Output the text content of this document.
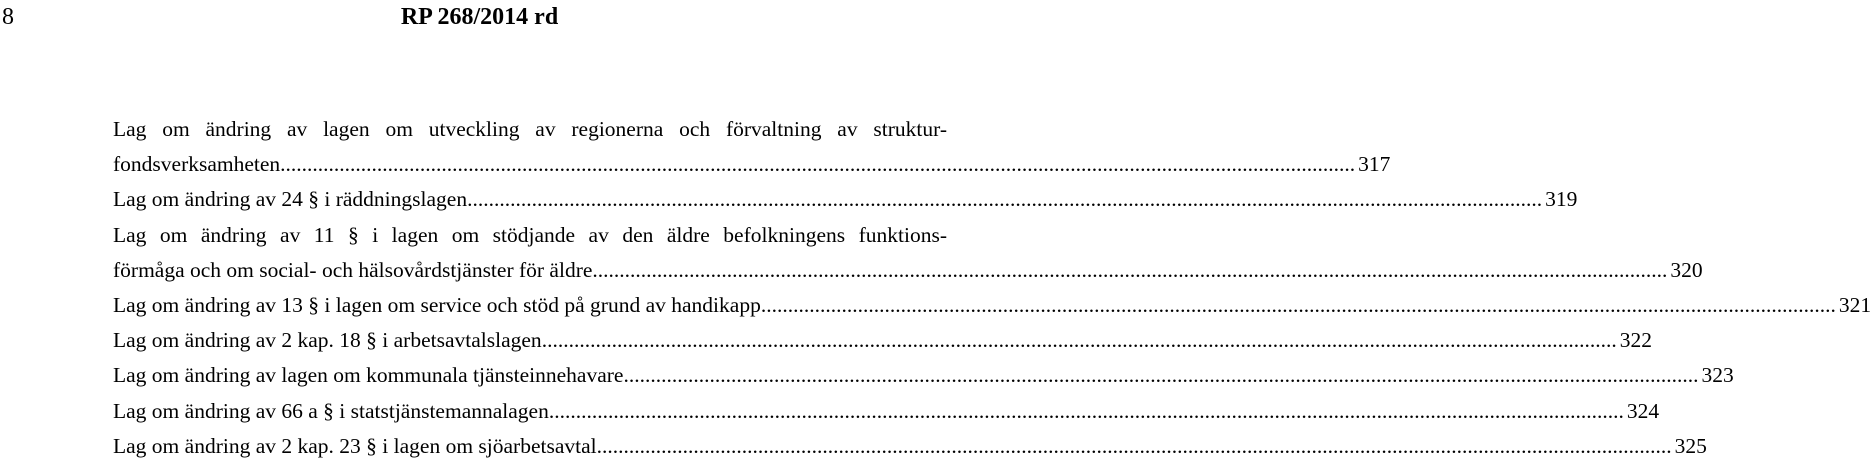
8	RP 268/2014 rd
Lag om ändring av lagen om utveckling av regionerna och förvaltning av struktur-
fondsverksamheten ........................................................................................................................................................................................................ 317
Lag om ändring av 24 § i räddningslagen ........................................................................................................................................................................................................ 319
Lag om ändring av 11 § i lagen om stödjande av den äldre befolkningens funktions-
förmåga och om social- och hälsovårdstjänster för äldre ........................................................................................................................................................................................................ 320
Lag om ändring av 13 § i lagen om service och stöd på grund av handikapp ........................................................................................................................................................................................................ 321
Lag om ändring av 2 kap. 18 § i arbetsavtalslagen ........................................................................................................................................................................................................ 322
Lag om ändring av lagen om kommunala tjänsteinnehavare ........................................................................................................................................................................................................ 323
Lag om ändring av 66 a § i statstjänstemannalagen ........................................................................................................................................................................................................ 324
Lag om ändring av 2 kap. 23 § i lagen om sjöarbetsavtal ........................................................................................................................................................................................................ 325
